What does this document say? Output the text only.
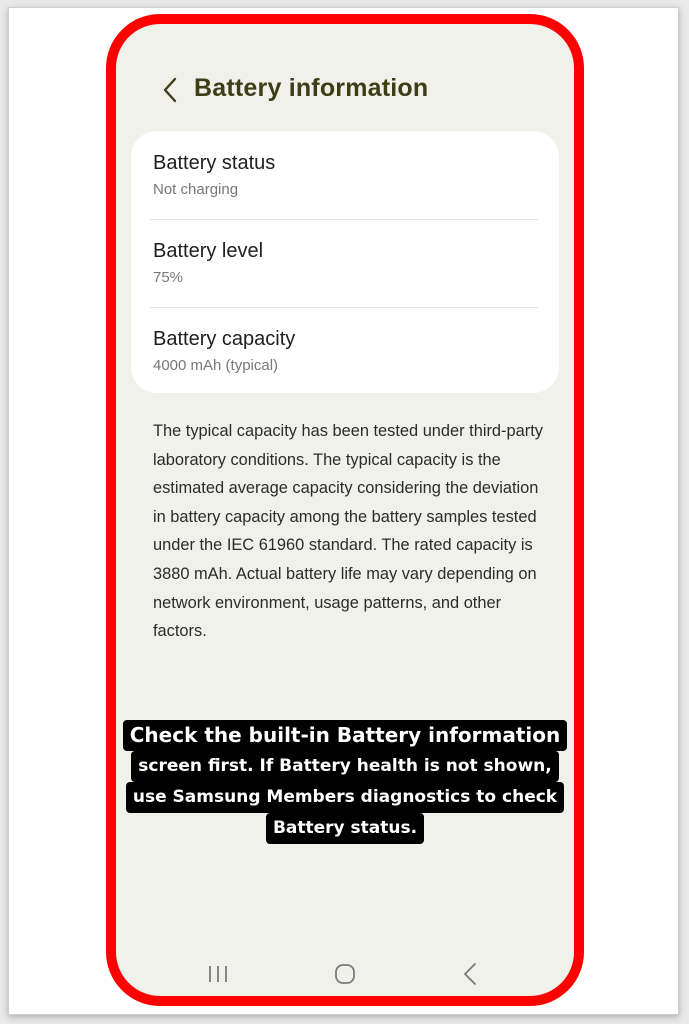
Battery information
Battery status
Not charging
Battery level
75%
Battery capacity
4000 mAh (typical)
The typical capacity has been tested under third-party laboratory conditions. The typical capacity is the estimated average capacity considering the deviation in battery capacity among the battery samples tested under the IEC 61960 standard. The rated capacity is 3880 mAh. Actual battery life may vary depending on network environment, usage patterns, and other factors.
Check the built-in Battery information
screen first. If Battery health is not shown,
use Samsung Members diagnostics to check
Battery status.
